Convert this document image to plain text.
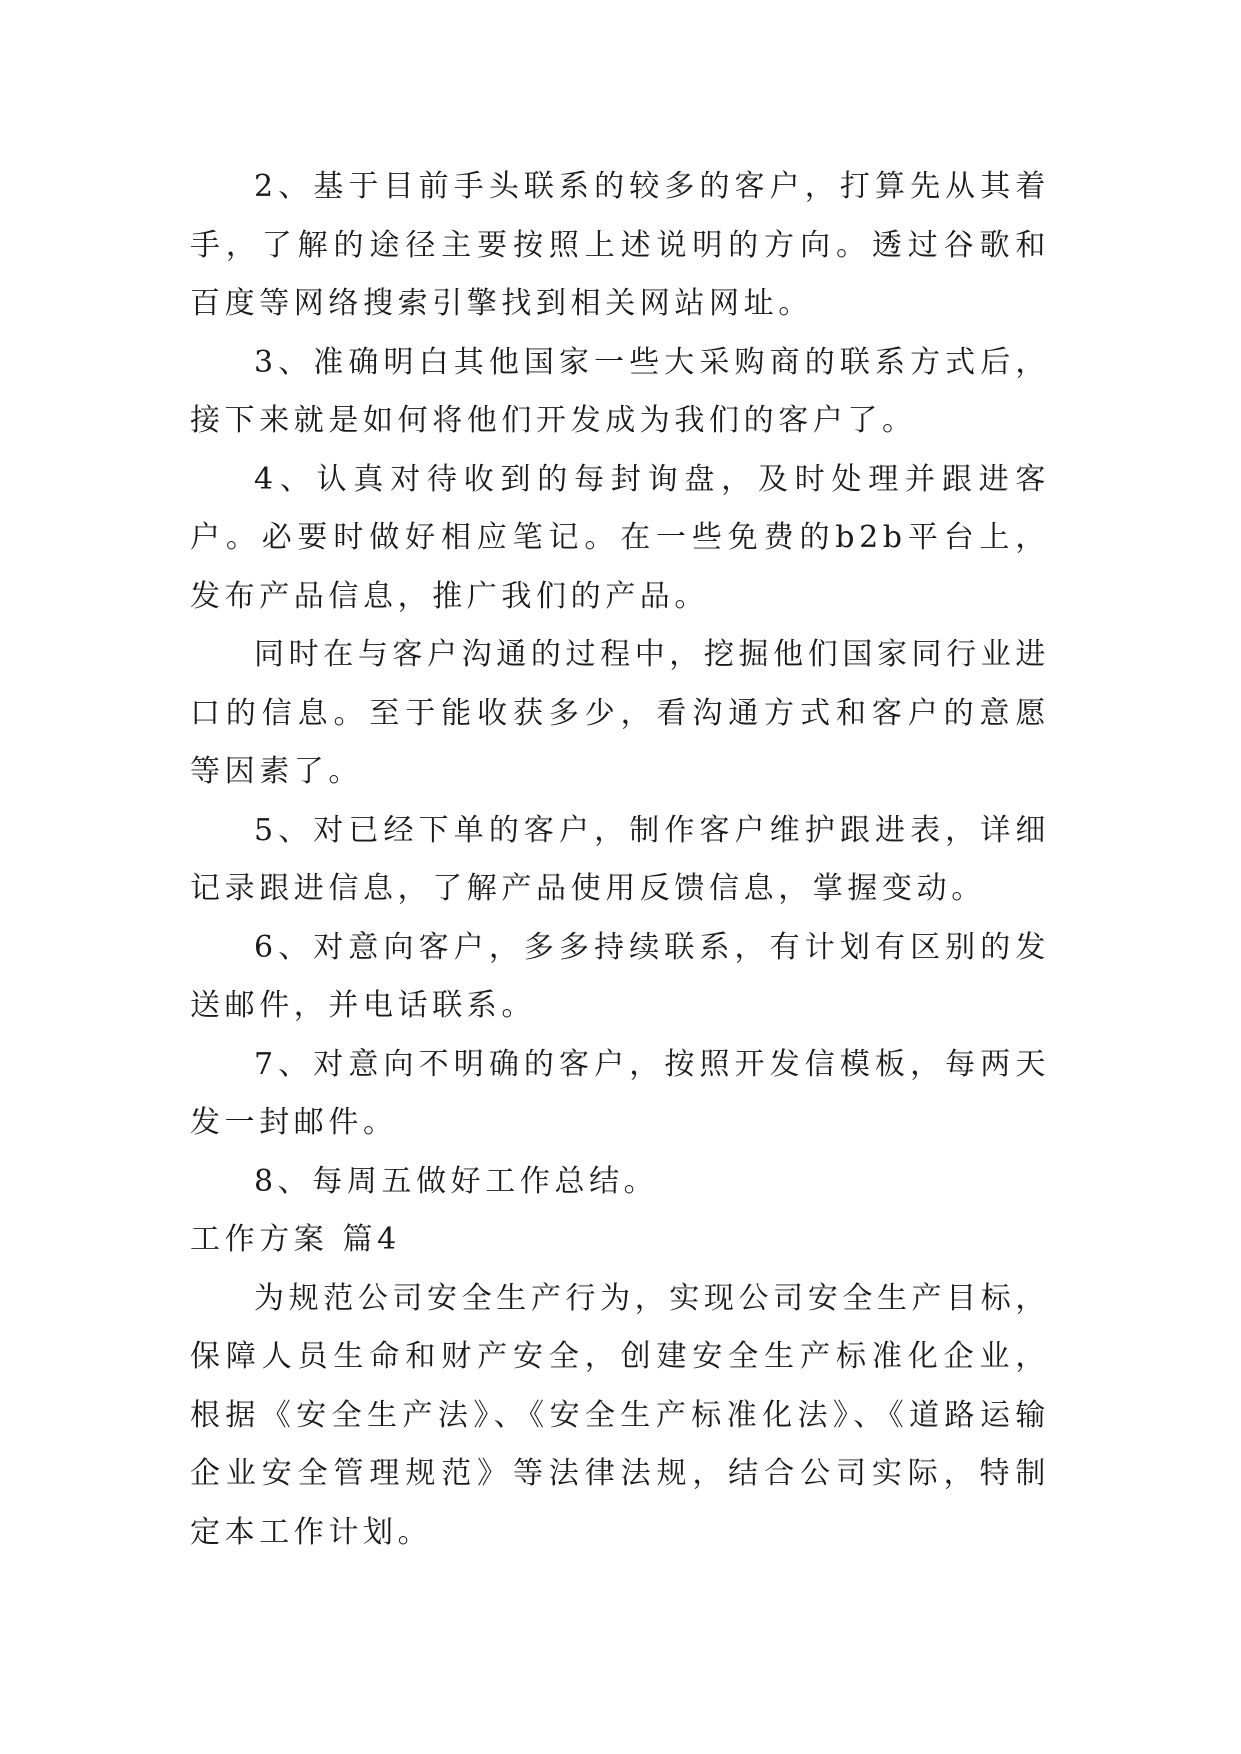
2、基于目前手头联系的较多的客户，打算先从其着手，了解的途径主要按照上述说明的方向。透过谷歌和百度等网络搜索引擎找到相关网站网址。

3、准确明白其他国家一些大采购商的联系方式后，接下来就是如何将他们开发成为我们的客户了。

4、认真对待收到的每封询盘，及时处理并跟进客户。必要时做好相应笔记。在一些免费的b2b平台上，发布产品信息，推广我们的产品。

同时在与客户沟通的过程中，挖掘他们国家同行业进口的信息。至于能收获多少，看沟通方式和客户的意愿等因素了。

5、对已经下单的客户，制作客户维护跟进表，详细记录跟进信息，了解产品使用反馈信息，掌握变动。

6、对意向客户，多多持续联系，有计划有区别的发送邮件，并电话联系。

7、对意向不明确的客户，按照开发信模板，每两天发一封邮件。

8、每周五做好工作总结。

工作方案 篇4

为规范公司安全生产行为，实现公司安全生产目标，保障人员生命和财产安全，创建安全生产标准化企业，根据《安全生产法》、《安全生产标准化法》、《道路运输企业安全管理规范》等法律法规，结合公司实际，特制定本工作计划。
